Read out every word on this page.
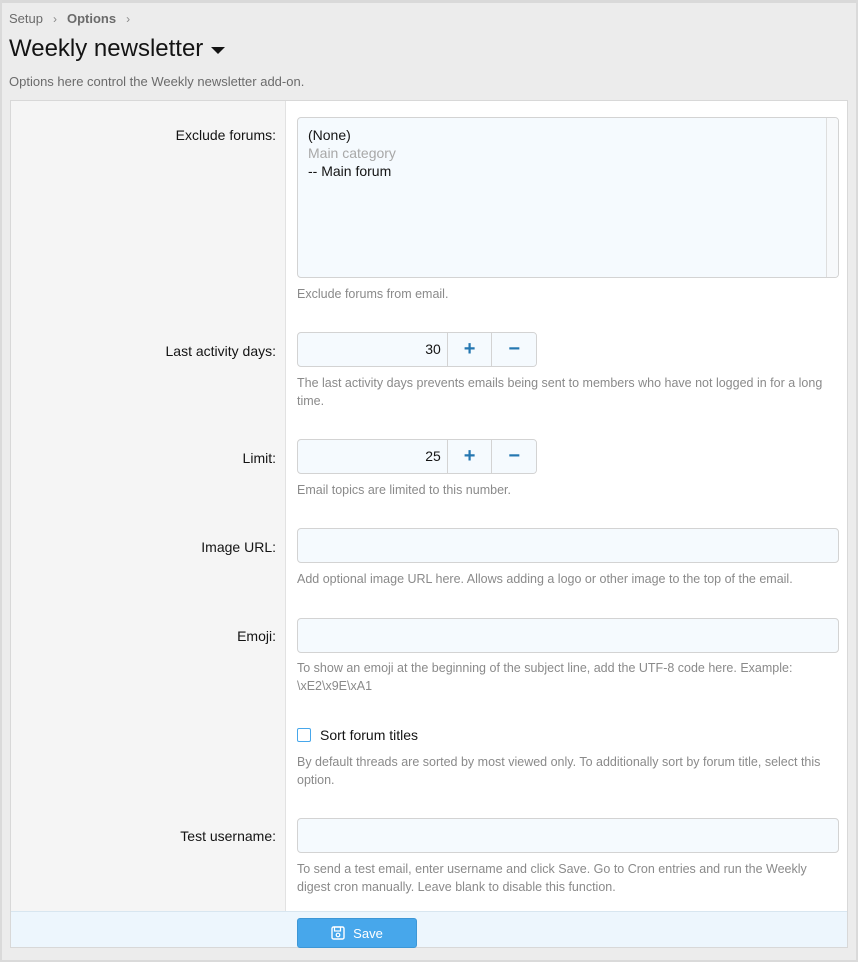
Setup › Options ›
Weekly newsletter
Options here control the Weekly newsletter add-on.
Exclude forums:	(None)
Main category
-- Main forum
Exclude forums from email.
Last activity days:	30	+	−
The last activity days prevents emails being sent to members who have not logged in for a long time.
Limit:	25	+	−
Email topics are limited to this number.
Image URL:
Add optional image URL here. Allows adding a logo or other image to the top of the email.
Emoji:
To show an emoji at the beginning of the subject line, add the UTF-8 code here. Example: \xE2\x9E\xA1
Sort forum titles
By default threads are sorted by most viewed only. To additionally sort by forum title, select this option.
Test username:
To send a test email, enter username and click Save. Go to Cron entries and run the Weekly digest cron manually. Leave blank to disable this function.
Save
